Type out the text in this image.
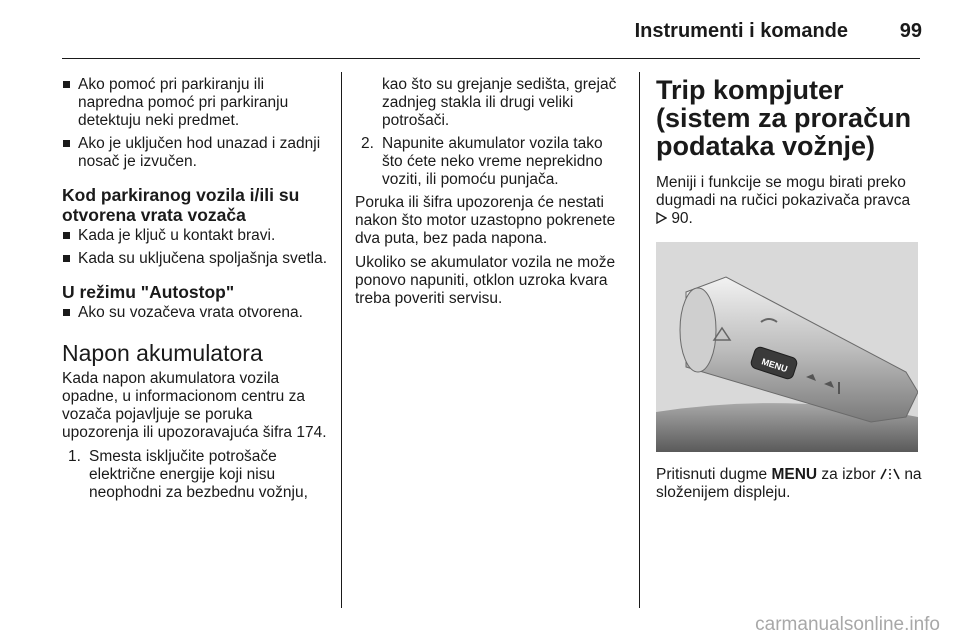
Instrumenti i komande	99
Ako pomoć pri parkiranju ili napredna pomoć pri parkiranju detektuju neki predmet.
Ako je uključen hod unazad i zadnji nosač je izvučen.
Kod parkiranog vozila i/ili su otvorena vrata vozača
Kada je ključ u kontakt bravi.
Kada su uključena spoljašnja svetla.
U režimu "Autostop"
Ako su vozačeva vrata otvorena.
Napon akumulatora
Kada napon akumulatora vozila opadne, u informacionom centru za vozača pojavljuje se poruka upozorenja ili upozoravajuća šifra 174.
1. Smesta isključite potrošače električne energije koji nisu neophodni za bezbednu vožnju,
kao što su grejanje sedišta, grejač zadnjeg stakla ili drugi veliki potrošači.
2. Napunite akumulator vozila tako što ćete neko vreme neprekidno voziti, ili pomoću punjača.
Poruka ili šifra upozorenja će nestati nakon što motor uzastopno pokrenete dva puta, bez pada napona.
Ukoliko se akumulator vozila ne može ponovo napuniti, otklon uzroka kvara treba poveriti servisu.
Trip kompjuter (sistem za proračun podataka vožnje)
Meniji i funkcije se mogu birati preko dugmadi na ručici pokazivača pravca  90.
MENU
Pritisnuti dugme MENU za izbor na složenijem displeju.
carmanualsonline.info
